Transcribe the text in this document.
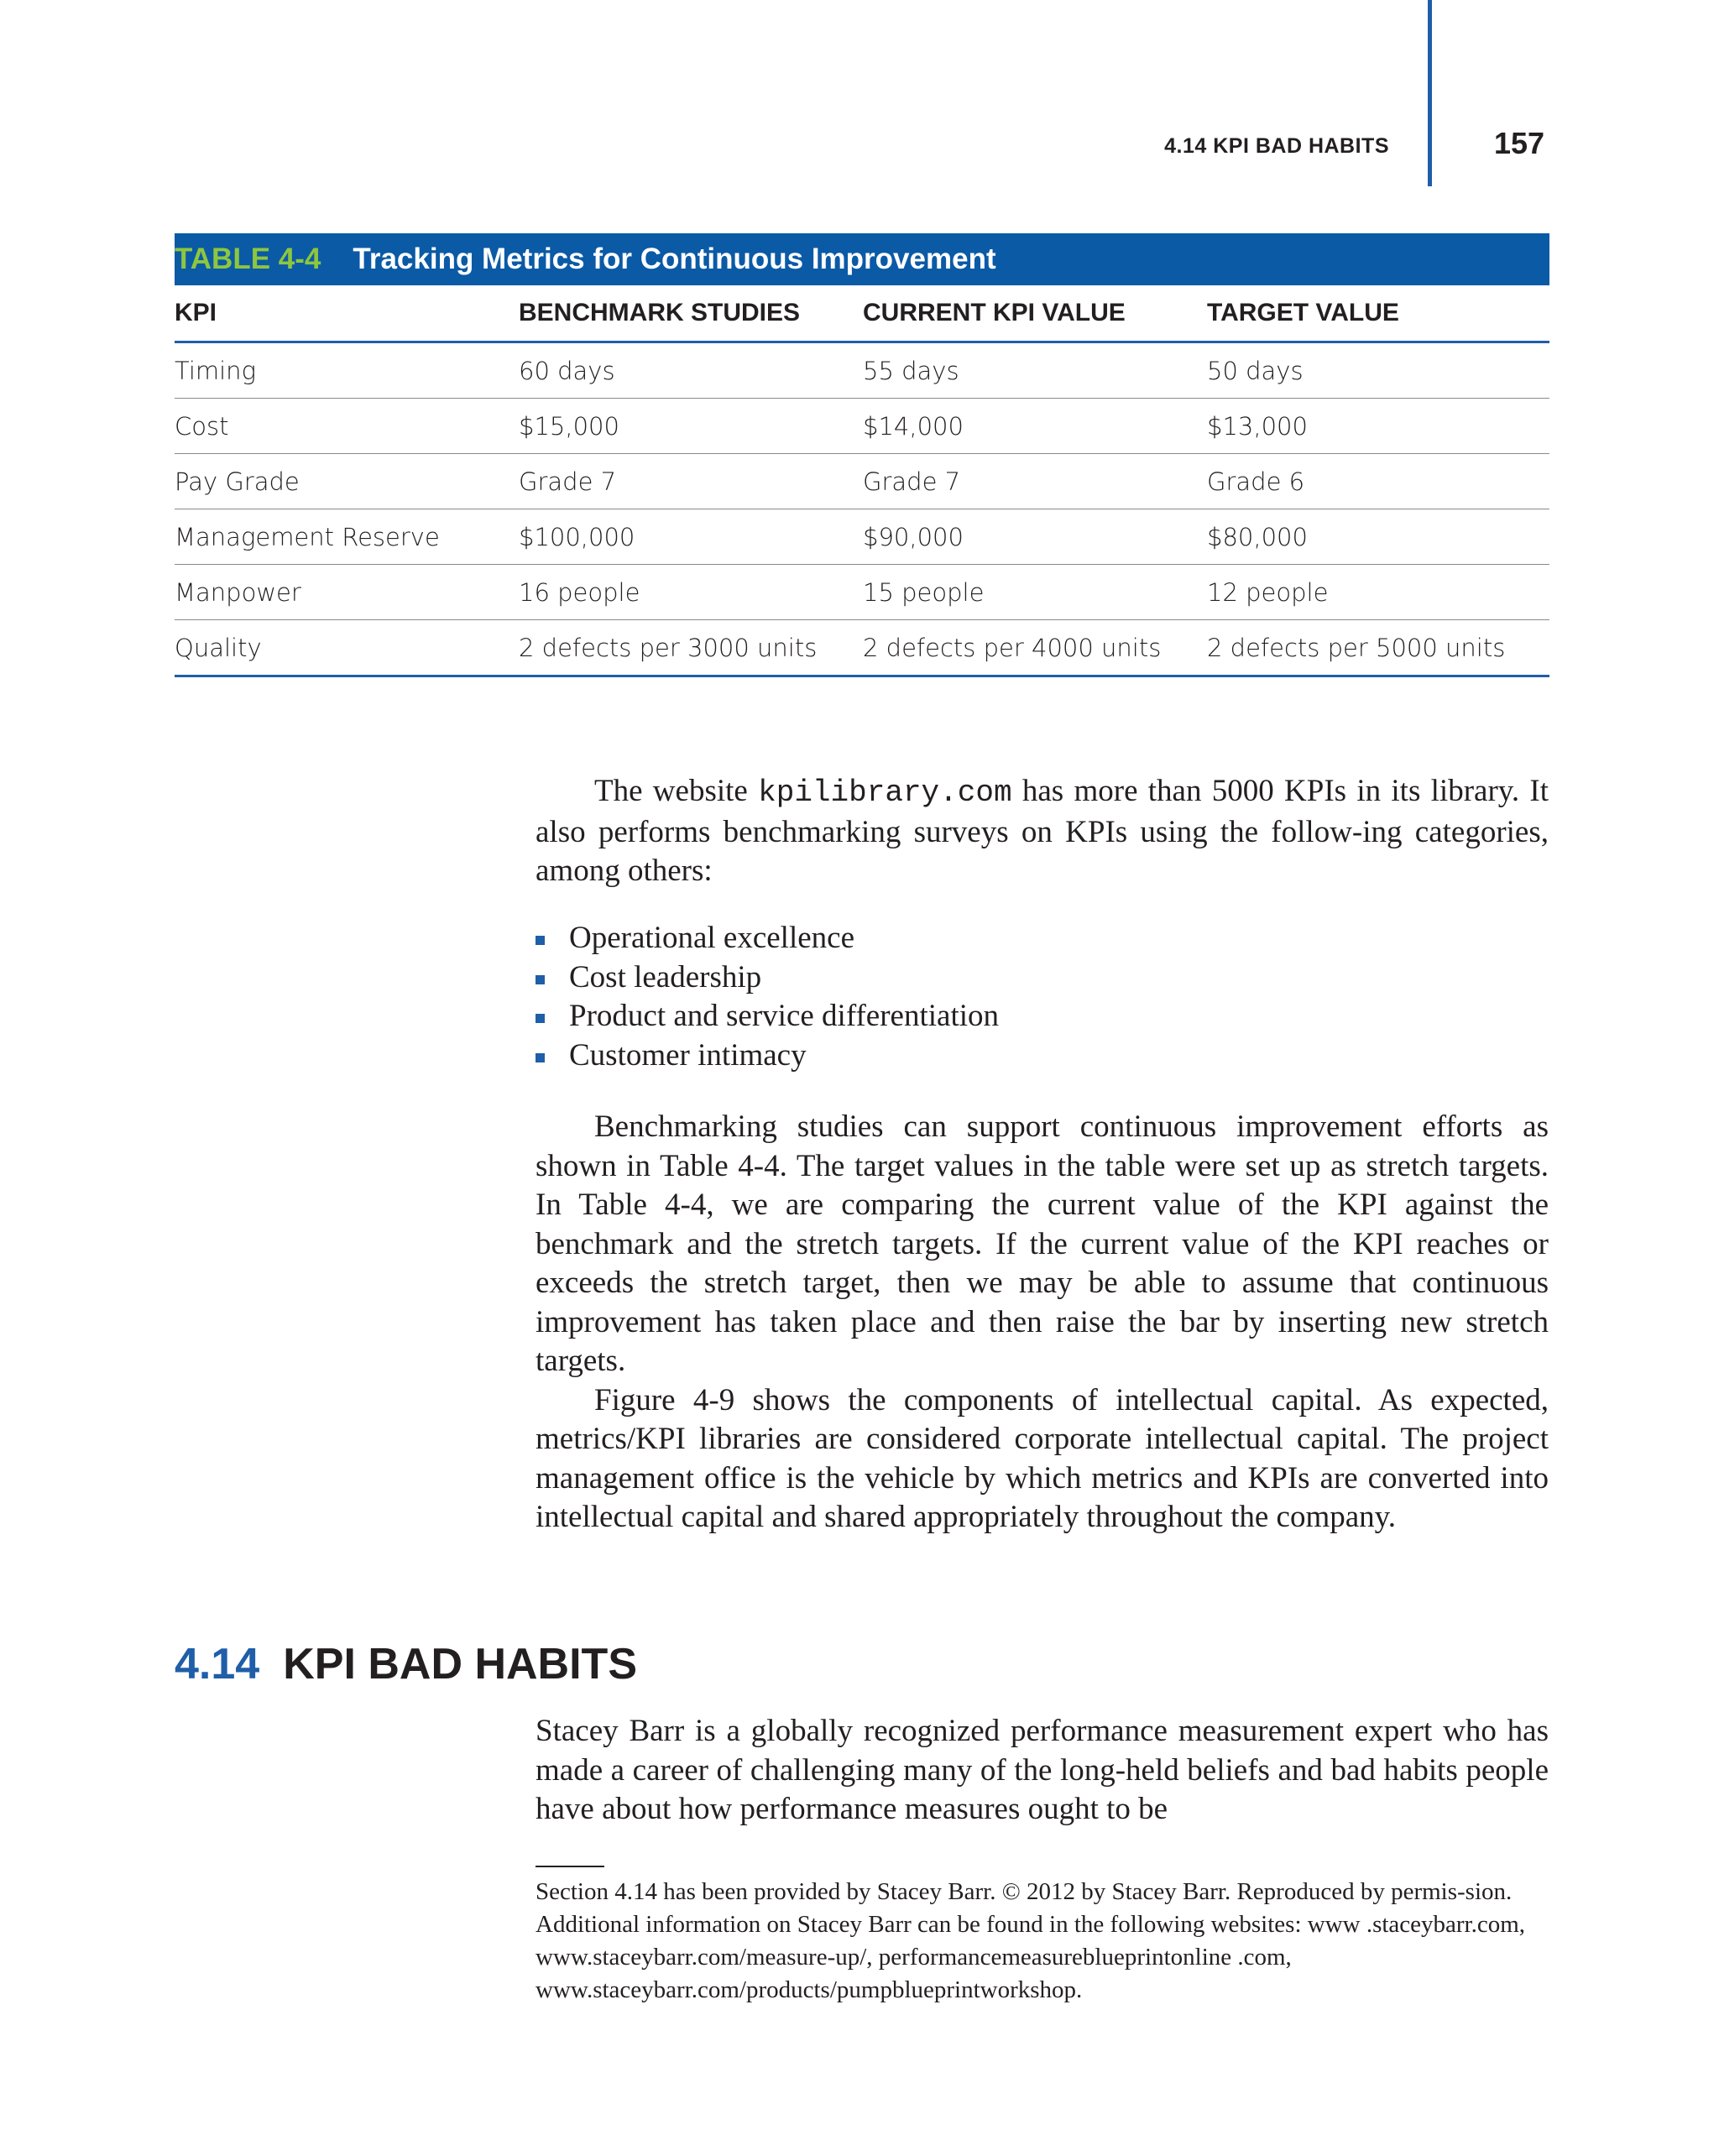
4.14 KPI BAD HABITS	157
TABLE 4-4 Tracking Metrics for Continuous Improvement
KPI	BENCHMARK STUDIES	CURRENT KPI VALUE	TARGET VALUE
Timing	60 days	55 days	50 days
Cost	$15,000	$14,000	$13,000
Pay Grade	Grade 7	Grade 7	Grade 6
Management Reserve	$100,000	$90,000	$80,000
Manpower	16 people	15 people	12 people
Quality	2 defects per 3000 units	2 defects per 4000 units	2 defects per 5000 units

The website kpilibrary.com has more than 5000 KPIs in its library. It also performs benchmarking surveys on KPIs using the follow-ing categories, among others:

Operational excellence
Cost leadership
Product and service differentiation
Customer intimacy

Benchmarking studies can support continuous improvement efforts as shown in Table 4-4. The target values in the table were set up as stretch targets. In Table 4-4, we are comparing the current value of the KPI against the benchmark and the stretch targets. If the current value of the KPI reaches or exceeds the stretch target, then we may be able to assume that continuous improvement has taken place and then raise the bar by inserting new stretch targets.

Figure 4-9 shows the components of intellectual capital. As expected, metrics/KPI libraries are considered corporate intellectual capital. The project management office is the vehicle by which metrics and KPIs are converted into intellectual capital and shared appropriately throughout the company.

4.14 KPI BAD HABITS

Stacey Barr is a globally recognized performance measurement expert who has made a career of challenging many of the long-held beliefs and bad habits people have about how performance measures ought to be

Section 4.14 has been provided by Stacey Barr. © 2012 by Stacey Barr. Reproduced by permis-sion. Additional information on Stacey Barr can be found in the following websites: www .staceybarr.com, www.staceybarr.com/measure-up/, performancemeasureblueprintonline .com, www.staceybarr.com/products/pumpblueprintworkshop.
